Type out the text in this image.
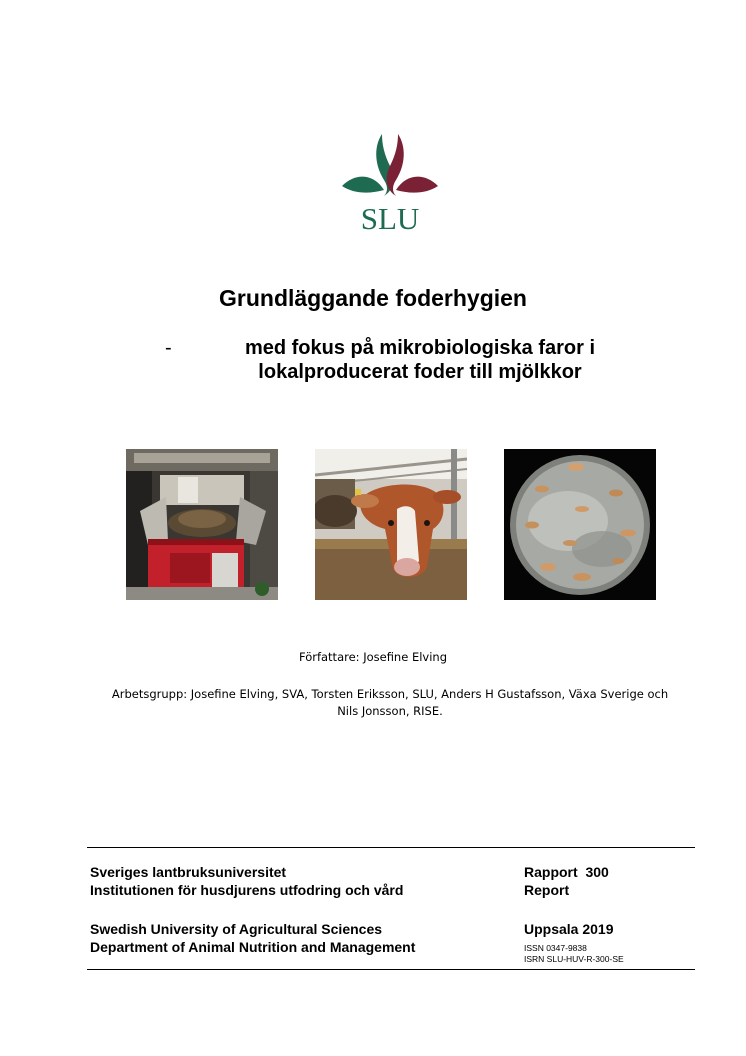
SLU
Grundläggande foderhygien
-	med fokus på mikrobiologiska faror i
lokalproducerat foder till mjölkkor
Författare: Josefine Elving
Arbetsgrupp: Josefine Elving, SVA, Torsten Eriksson, SLU, Anders H Gustafsson, Växa Sverige och
Nils Jonsson, RISE.
Sveriges lantbruksuniversitet
Institutionen för husdjurens utfodring och vård
Swedish University of Agricultural Sciences
Department of Animal Nutrition and Management
Rapport  300
Report
Uppsala 2019
ISSN 0347-9838
ISRN SLU-HUV-R-300-SE
